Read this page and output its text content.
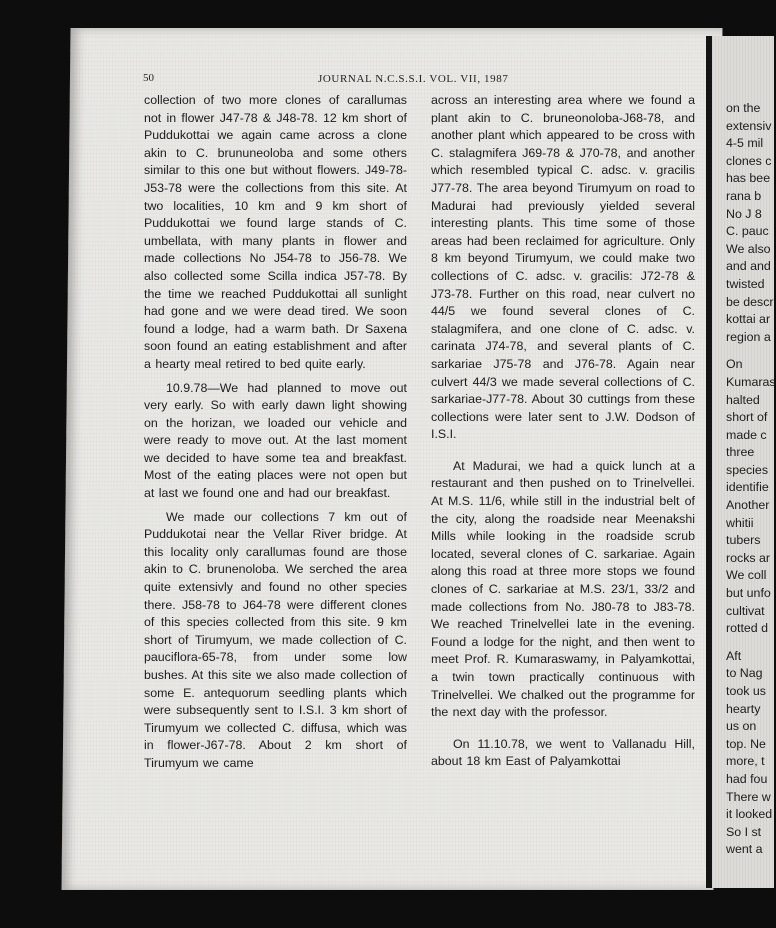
50	JOURNAL N.C.S.S.I. VOL. VII, 1987

collection of two more clones of carallumas not in flower J47-78 & J48-78. 12 km short of Puddukottai we again came across a clone akin to C. brununeoloba and some others similar to this one but without flowers. J49-78-J53-78 were the collections from this site. At two localities, 10 km and 9 km short of Puddukottai we found large stands of C. umbellata, with many plants in flower and made collections No J54-78 to J56-78. We also collected some Scilla indica J57-78. By the time we reached Puddukottai all sunlight had gone and we were dead tired. We soon found a lodge, had a warm bath. Dr Saxena soon found an eating establishment and after a hearty meal retired to bed quite early.

10.9.78—We had planned to move out very early. So with early dawn light showing on the horizan, we loaded our vehicle and were ready to move out. At the last moment we decided to have some tea and breakfast. Most of the eating places were not open but at last we found one and had our breakfast.

We made our collections 7 km out of Puddukotai near the Vellar River bridge. At this locality only carallumas found are those akin to C. brunenoloba. We serched the area quite extensivly and found no other species there. J58-78 to J64-78 were different clones of this species collected from this site. 9 km short of Tirumyum, we made collection of C. pauciflora-65-78, from under some low bushes. At this site we also made collection of some E. antequorum seedling plants which were subsequently sent to I.S.I. 3 km short of Tirumyum we collected C. diffusa, which was in flower-J67-78. About 2 km short of Tirumyum we came

across an interesting area where we found a plant akin to C. bruneonoloba-J68-78, and another plant which appeared to be cross with C. stalagmifera J69-78 & J70-78, and another which resembled typical C. adsc. v. gracilis J77-78. The area beyond Tirumyum on road to Madurai had previously yielded several interesting plants. This time some of those areas had been reclaimed for agriculture. Only 8 km beyond Tirumyum, we could make two collections of C. adsc. v. gracilis: J72-78 & J73-78. Further on this road, near culvert no 44/5 we found several clones of C. stalagmifera, and one clone of C. adsc. v. carinata J74-78, and several plants of C. sarkariae J75-78 and J76-78. Again near culvert 44/3 we made several collections of C. sarkariae-J77-78. About 30 cuttings from these collections were later sent to J.W. Dodson of I.S.I.

At Madurai, we had a quick lunch at a restaurant and then pushed on to Trinelvellei. At M.S. 11/6, while still in the industrial belt of the city, along the roadside near Meenakshi Mills while looking in the roadside scrub located, several clones of C. sarkariae. Again along this road at three more stops we found clones of C. sarkariae at M.S. 23/1, 33/2 and made collections from No. J80-78 to J83-78. We reached Trinelvellei late in the evening. Found a lodge for the night, and then went to meet Prof. R. Kumaraswamy, in Palyamkottai, a twin town practically continuous with Trinelvellei. We chalked out the programme for the next day with the professor.

On 11.10.78, we went to Vallanadu Hill, about 18 km East of Palyamkottai

on the
extensiv
4-5 mil
clones c
has bee
rana b
No J 8
C. pauc
We also
and and
twisted
be descr
kottai ar
region a
On
Kumaras
halted
short of
made c
three
species
identifie
Another
whitii
tubers
rocks ar
We coll
but unfo
cultivat
rotted d
Aft
to Nag
took us
hearty
us on
top. Ne
more, t
had fou
There w
it looked
So I st
went a
